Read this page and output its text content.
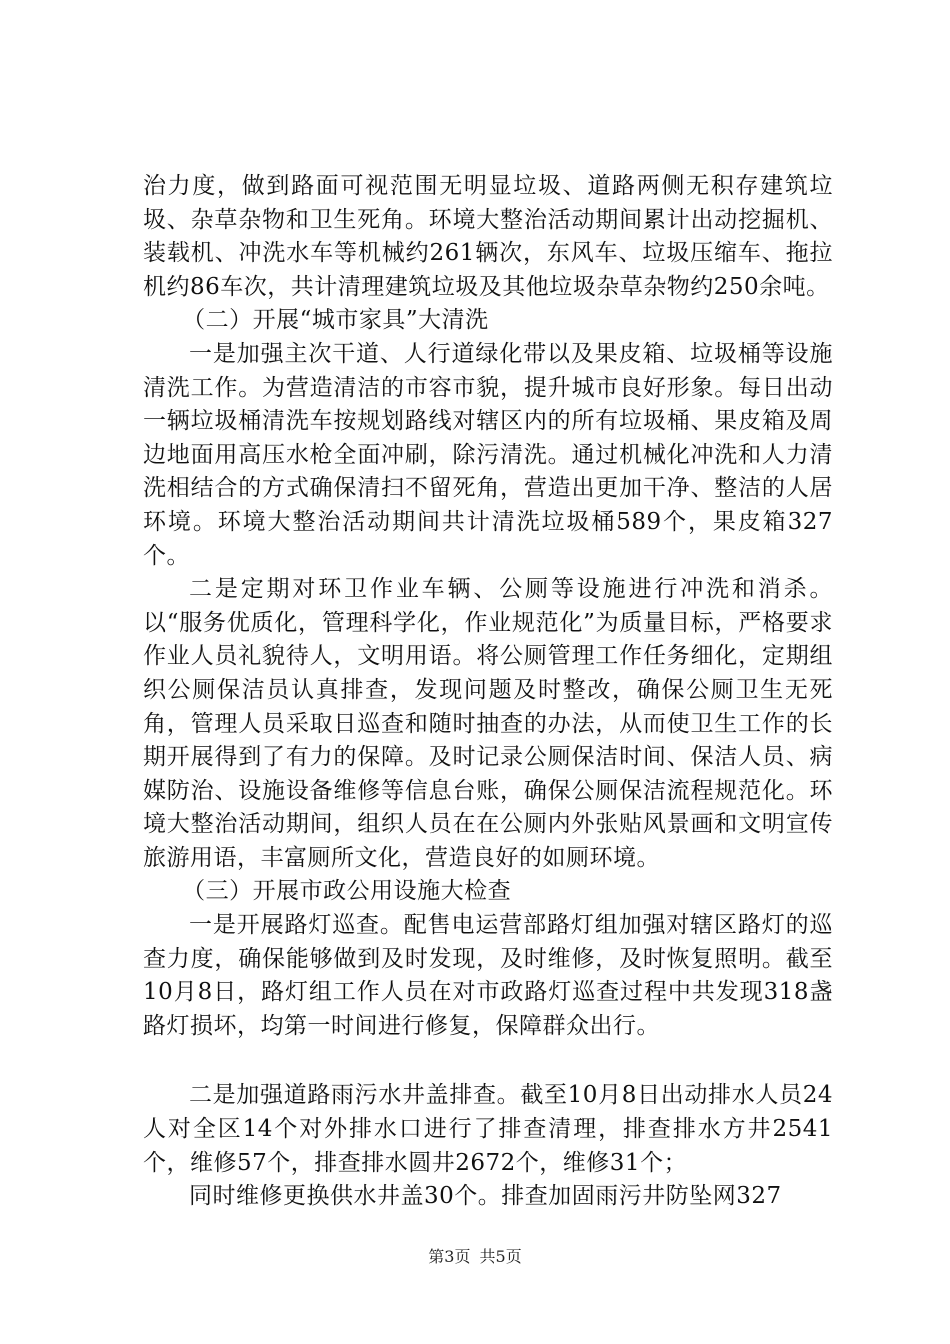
治力度，做到路面可视范围无明显垃圾、道路两侧无积存建筑垃圾、杂草杂物和卫生死角。环境大整治活动期间累计出动挖掘机、装载机、冲洗水车等机械约261辆次，东风车、垃圾压缩车、拖拉机约86车次，共计清理建筑垃圾及其他垃圾杂草杂物约250余吨。

（二）开展“城市家具”大清洗

一是加强主次干道、人行道绿化带以及果皮箱、垃圾桶等设施清洗工作。为营造清洁的市容市貌，提升城市良好形象。每日出动一辆垃圾桶清洗车按规划路线对辖区内的所有垃圾桶、果皮箱及周边地面用高压水枪全面冲刷，除污清洗。通过机械化冲洗和人力清洗相结合的方式确保清扫不留死角，营造出更加干净、整洁的人居环境。环境大整治活动期间共计清洗垃圾桶589个，果皮箱327个。

二是定期对环卫作业车辆、公厕等设施进行冲洗和消杀。以“服务优质化，管理科学化，作业规范化”为质量目标，严格要求作业人员礼貌待人，文明用语。将公厕管理工作任务细化，定期组织公厕保洁员认真排查，发现问题及时整改，确保公厕卫生无死角，管理人员采取日巡查和随时抽查的办法，从而使卫生工作的长期开展得到了有力的保障。及时记录公厕保洁时间、保洁人员、病媒防治、设施设备维修等信息台账，确保公厕保洁流程规范化。环境大整治活动期间，组织人员在在公厕内外张贴风景画和文明宣传旅游用语，丰富厕所文化，营造良好的如厕环境。

（三）开展市政公用设施大检查

一是开展路灯巡查。配售电运营部路灯组加强对辖区路灯的巡查力度，确保能够做到及时发现，及时维修，及时恢复照明。截至10月8日，路灯组工作人员在对市政路灯巡查过程中共发现318盏路灯损坏，均第一时间进行修复，保障群众出行。

二是加强道路雨污水井盖排查。截至10月8日出动排水人员24人对全区14个对外排水口进行了排查清理，排查排水方井2541个，维修57个，排查排水圆井2672个，维修31个；

同时维修更换供水井盖30个。排查加固雨污井防坠网327

第3页 共5页
